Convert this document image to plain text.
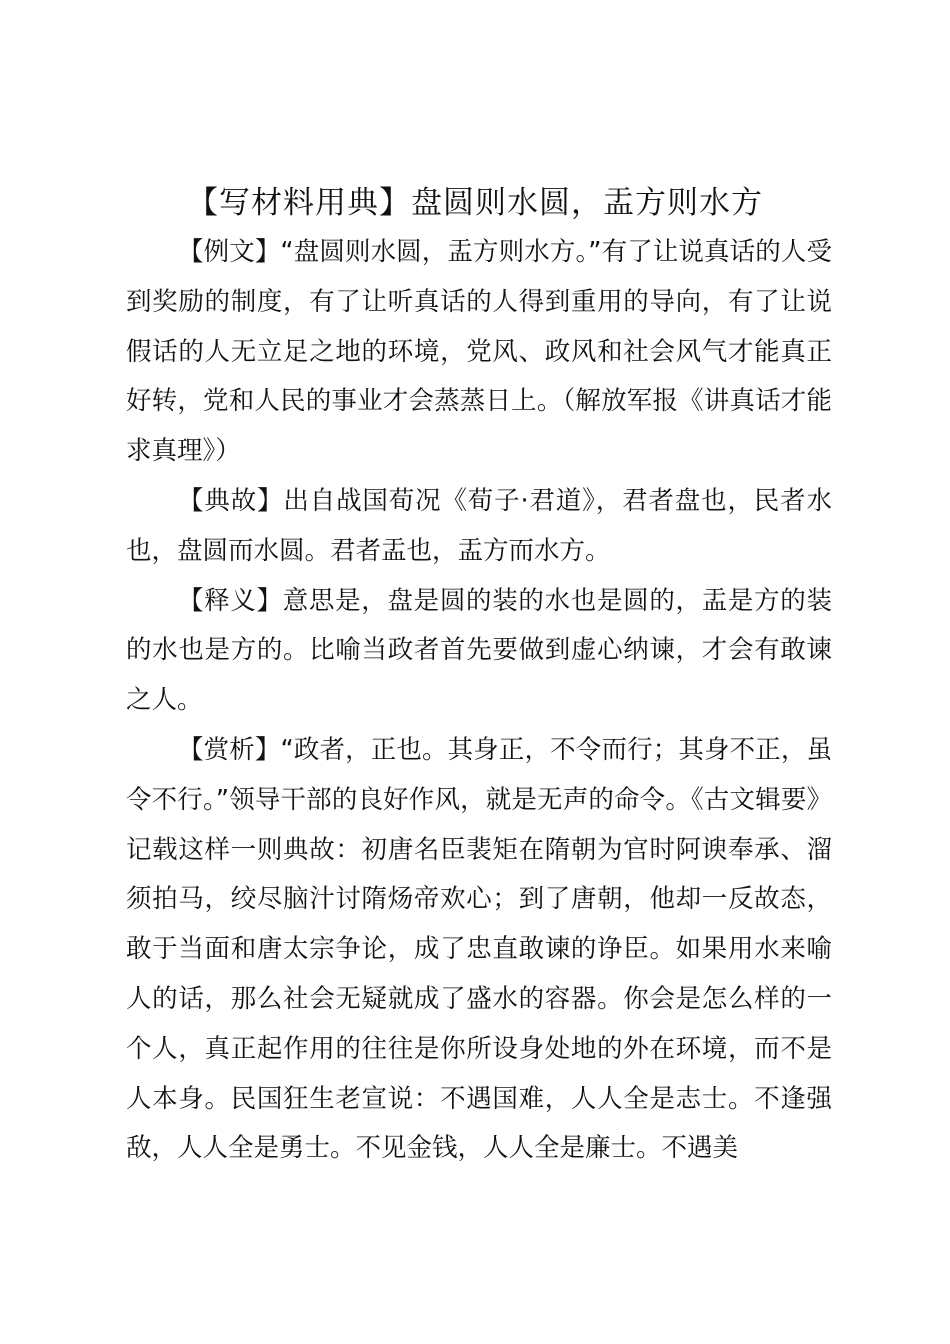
【写材料用典】盘圆则水圆，盂方则水方

【例文】“盘圆则水圆，盂方则水方。”有了让说真话的人受到奖励的制度，有了让听真话的人得到重用的导向，有了让说假话的人无立足之地的环境，党风、政风和社会风气才能真正好转，党和人民的事业才会蒸蒸日上。（解放军报《讲真话才能求真理》）

【典故】出自战国荀况《荀子·君道》，君者盘也，民者水也，盘圆而水圆。君者盂也，盂方而水方。

【释义】意思是，盘是圆的装的水也是圆的，盂是方的装的水也是方的。比喻当政者首先要做到虚心纳谏，才会有敢谏之人。

【赏析】“政者，正也。其身正，不令而行；其身不正，虽令不行。”领导干部的良好作风，就是无声的命令。《古文辑要》记载这样一则典故：初唐名臣裴矩在隋朝为官时阿谀奉承、溜须拍马，绞尽脑汁讨隋炀帝欢心；到了唐朝，他却一反故态，敢于当面和唐太宗争论，成了忠直敢谏的诤臣。如果用水来喻人的话，那么社会无疑就成了盛水的容器。你会是怎么样的一个人，真正起作用的往往是你所设身处地的外在环境，而不是人本身。民国狂生老宣说：不遇国难，人人全是志士。不逢强敌，人人全是勇士。不见金钱，人人全是廉士。不遇美
